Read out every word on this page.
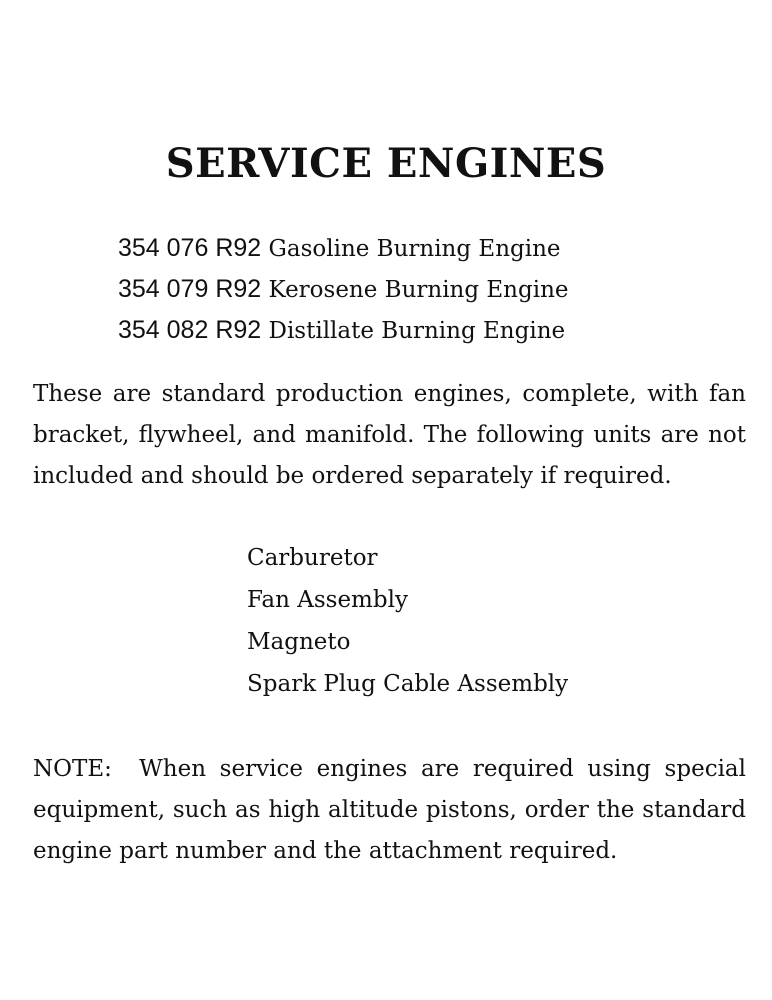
SERVICE ENGINES
354 076 R92 Gasoline Burning Engine
354 079 R92 Kerosene Burning Engine
354 082 R92 Distillate Burning Engine
These are standard production engines, complete, with fan bracket, flywheel, and manifold. The following units are not included and should be ordered separately if required.
Carburetor
Fan Assembly
Magneto
Spark Plug Cable Assembly
NOTE:  When service engines are required using special equipment, such as high altitude pistons, order the standard engine part number and the attachment required.
